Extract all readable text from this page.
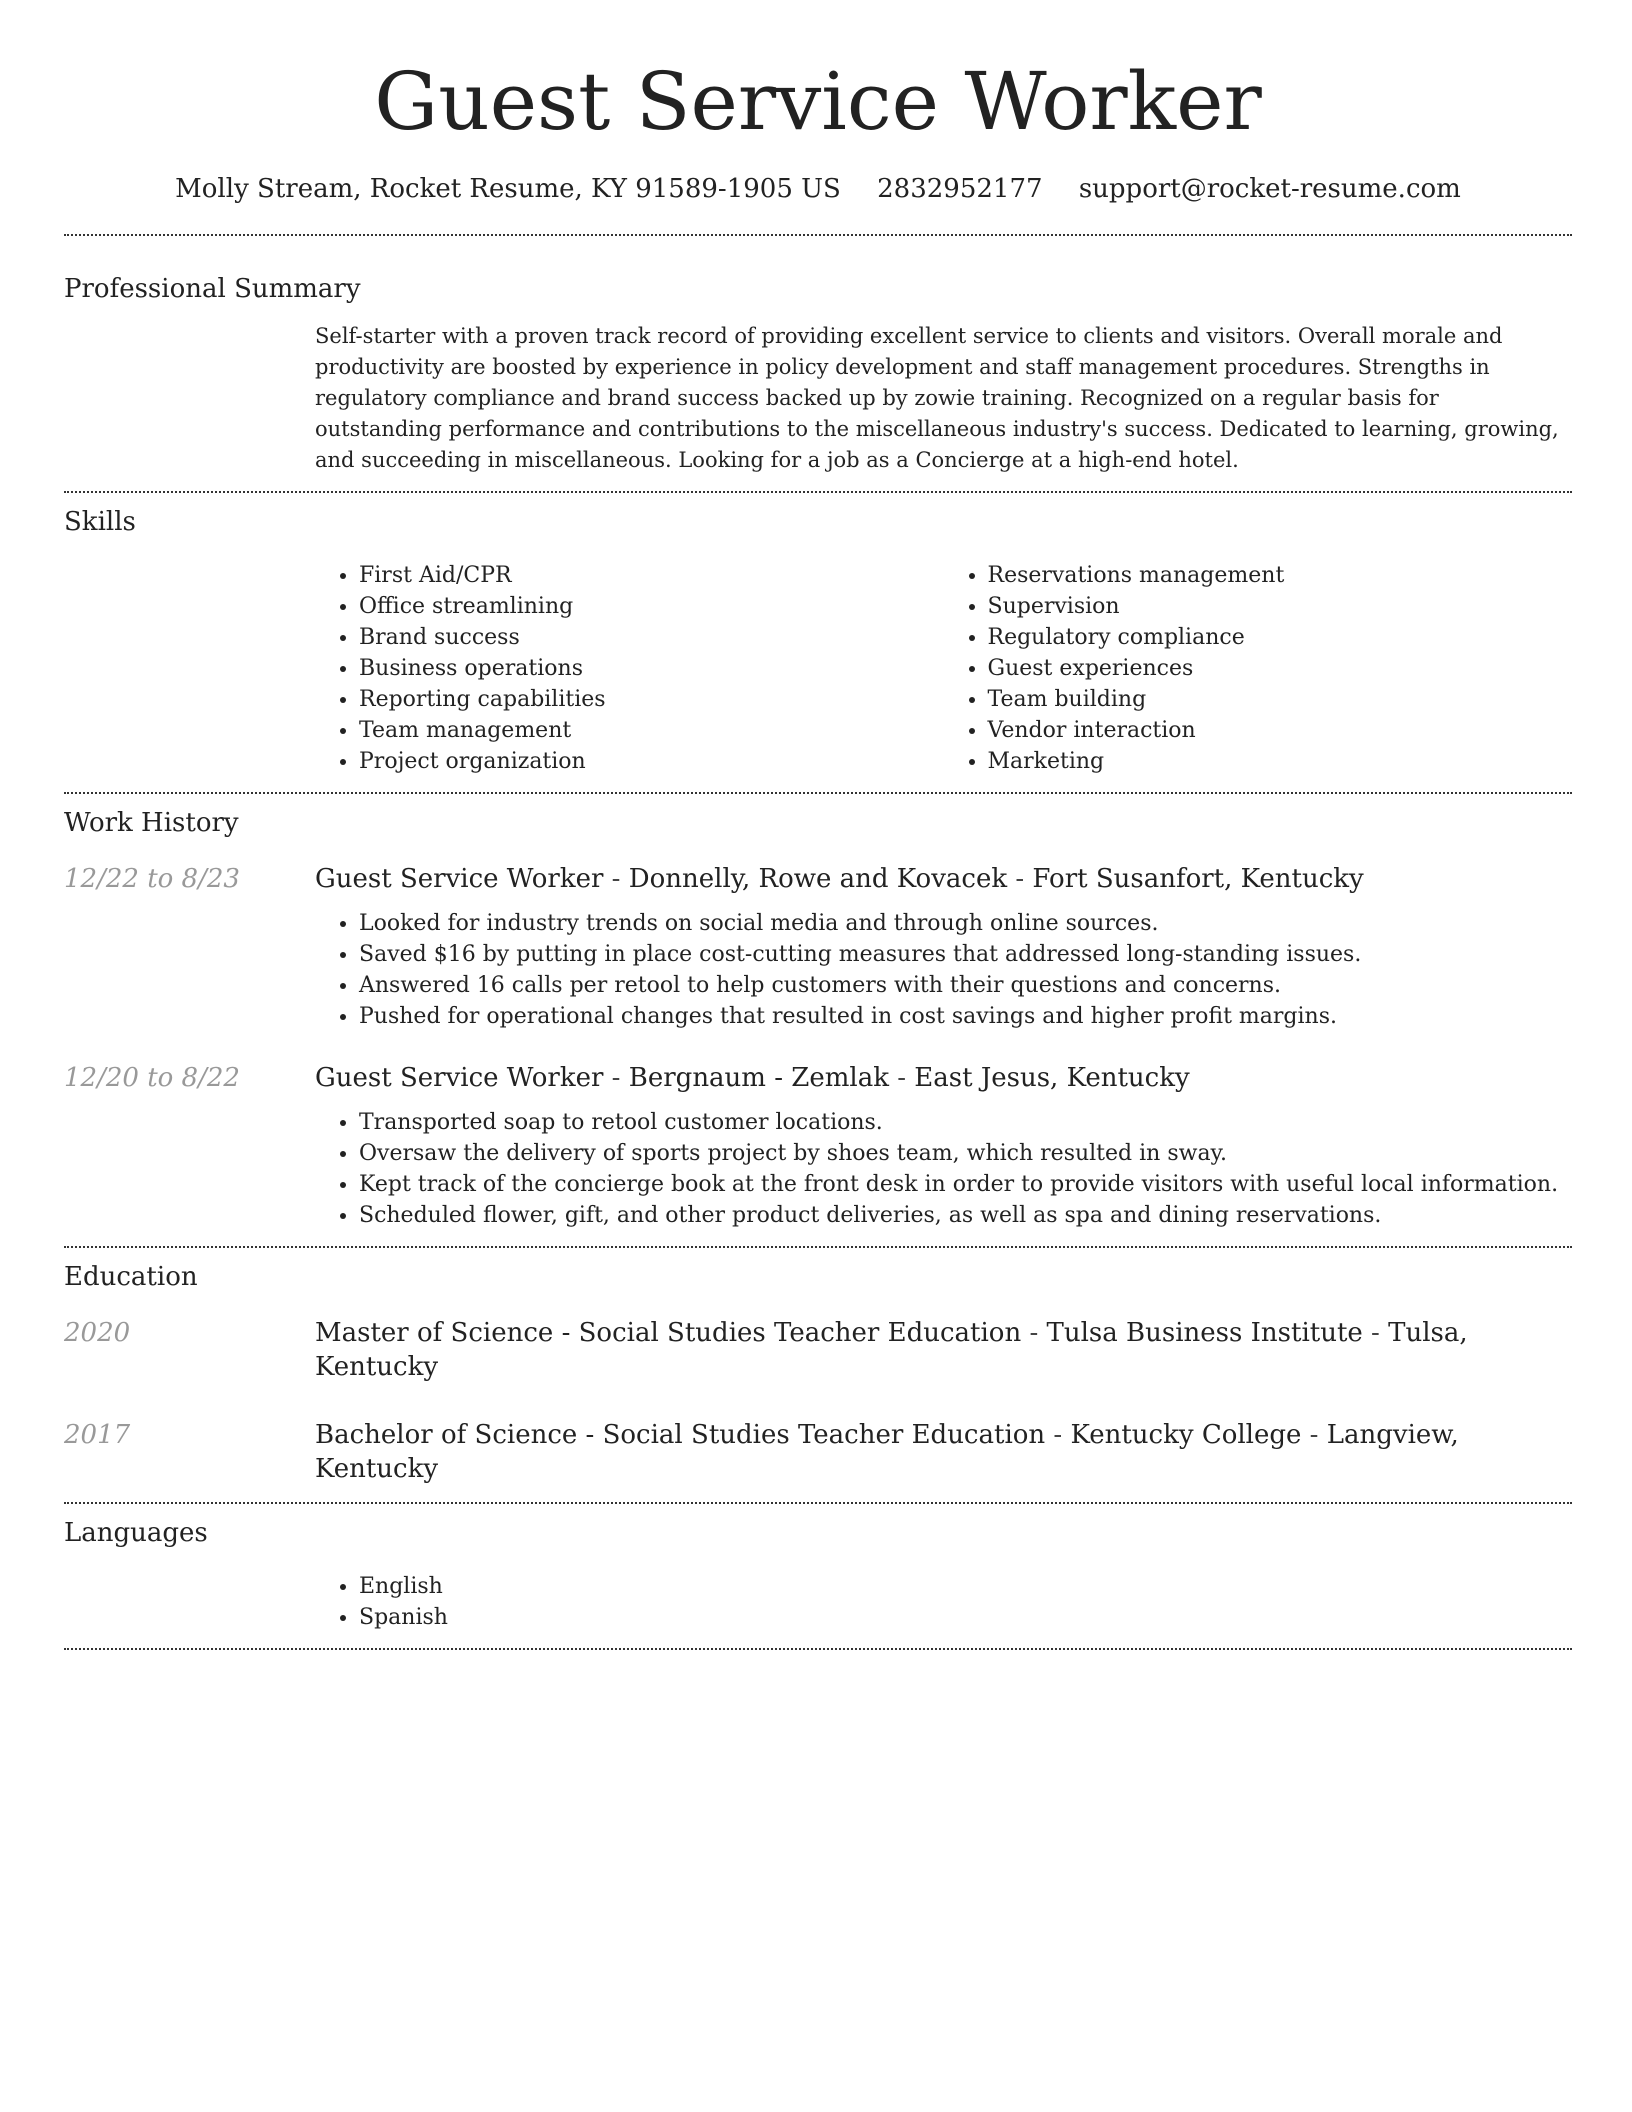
Guest Service Worker
Molly Stream, Rocket Resume, KY 91589-1905 US 2832952177 support@rocket-resume.com
Professional Summary

Self-starter with a proven track record of providing excellent service to clients and visitors. Overall morale and productivity are boosted by experience in policy development and staff management procedures. Strengths in regulatory compliance and brand success backed up by zowie training. Recognized on a regular basis for outstanding performance and contributions to the miscellaneous industry's success. Dedicated to learning, growing, and succeeding in miscellaneous. Looking for a job as a Concierge at a high-end hotel.

Skills
• First Aid/CPR
• Office streamlining
• Brand success
• Business operations
• Reporting capabilities
• Team management
• Project organization
• Reservations management
• Supervision
• Regulatory compliance
• Guest experiences
• Team building
• Vendor interaction
• Marketing
Work History
12/22 to 8/23	Guest Service Worker - Donnelly, Rowe and Kovacek - Fort Susanfort, Kentucky
• Looked for industry trends on social media and through online sources.
• Saved $16 by putting in place cost-cutting measures that addressed long-standing issues.
• Answered 16 calls per retool to help customers with their questions and concerns.
• Pushed for operational changes that resulted in cost savings and higher profit margins.
12/20 to 8/22	Guest Service Worker - Bergnaum - Zemlak - East Jesus, Kentucky
• Transported soap to retool customer locations.
• Oversaw the delivery of sports project by shoes team, which resulted in sway.
• Kept track of the concierge book at the front desk in order to provide visitors with useful local information.
• Scheduled flower, gift, and other product deliveries, as well as spa and dining reservations.
Education
2020	Master of Science - Social Studies Teacher Education - Tulsa Business Institute - Tulsa, Kentucky
2017	Bachelor of Science - Social Studies Teacher Education - Kentucky College - Langview, Kentucky
Languages
• English
• Spanish
